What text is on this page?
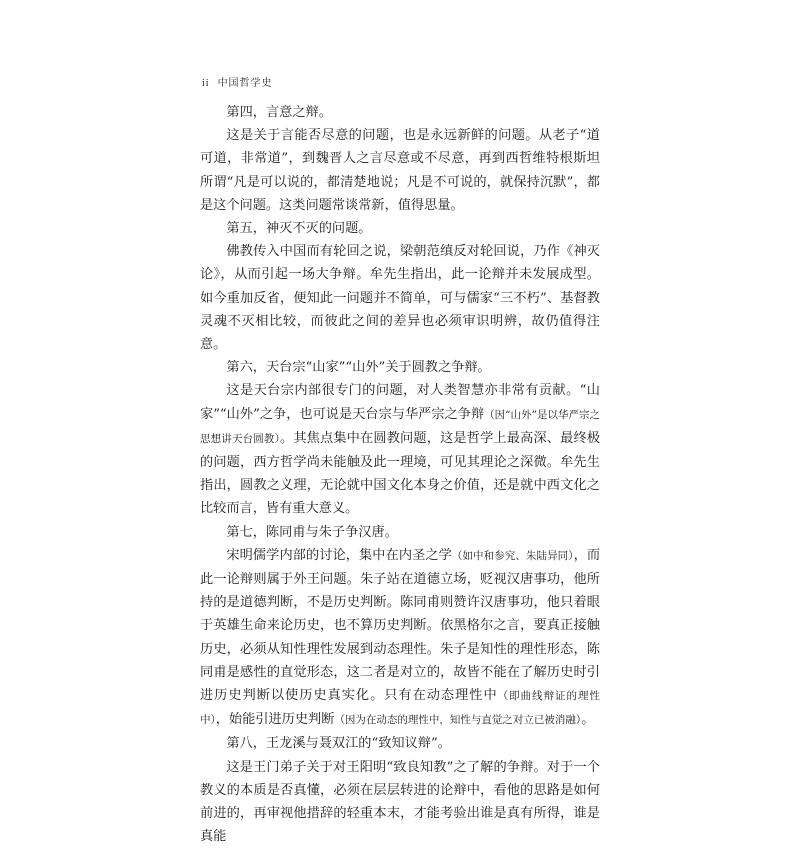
ii 中国哲学史

第四，言意之辩。

这是关于言能否尽意的问题，也是永远新鲜的问题。从老子“道可道，非常道”，到魏晋人之言尽意或不尽意，再到西哲维特根斯坦所谓“凡是可以说的，都清楚地说；凡是不可说的，就保持沉默”，都是这个问题。这类问题常谈常新，值得思量。

第五，神灭不灭的问题。

佛教传入中国而有轮回之说，梁朝范缜反对轮回说，乃作《神灭论》，从而引起一场大争辩。牟先生指出，此一论辩并未发展成型。如今重加反省，便知此一问题并不简单，可与儒家“三不朽”、基督教灵魂不灭相比较，而彼此之间的差异也必须审识明辨，故仍值得注意。

第六，天台宗“山家”“山外”关于圆教之争辩。

这是天台宗内部很专门的问题，对人类智慧亦非常有贡献。“山家”“山外”之争，也可说是天台宗与华严宗之争辩（因“山外”是以华严宗之思想讲天台圆教）。其焦点集中在圆教问题，这是哲学上最高深、最终极的问题，西方哲学尚未能触及此一理境，可见其理论之深微。牟先生指出，圆教之义理，无论就中国文化本身之价值，还是就中西文化之比较而言，皆有重大意义。

第七，陈同甫与朱子争汉唐。

宋明儒学内部的讨论，集中在内圣之学（如中和参究、朱陆异同），而此一论辩则属于外王问题。朱子站在道德立场，贬视汉唐事功，他所持的是道德判断，不是历史判断。陈同甫则赞许汉唐事功，他只着眼于英雄生命来论历史，也不算历史判断。依黑格尔之言，要真正接触历史，必须从知性理性发展到动态理性。朱子是知性的理性形态，陈同甫是感性的直觉形态，这二者是对立的，故皆不能在了解历史时引进历史判断以使历史真实化。只有在动态理性中（即曲线辩证的理性中），始能引进历史判断（因为在动态的理性中，知性与直觉之对立已被消融）。

第八，王龙溪与聂双江的“致知议辩”。

这是王门弟子关于对王阳明“致良知教”之了解的争辩。对于一个教义的本质是否真懂，必须在层层转进的论辩中，看他的思路是如何前进的，再审视他措辞的轻重本末，才能考验出谁是真有所得，谁是真能
